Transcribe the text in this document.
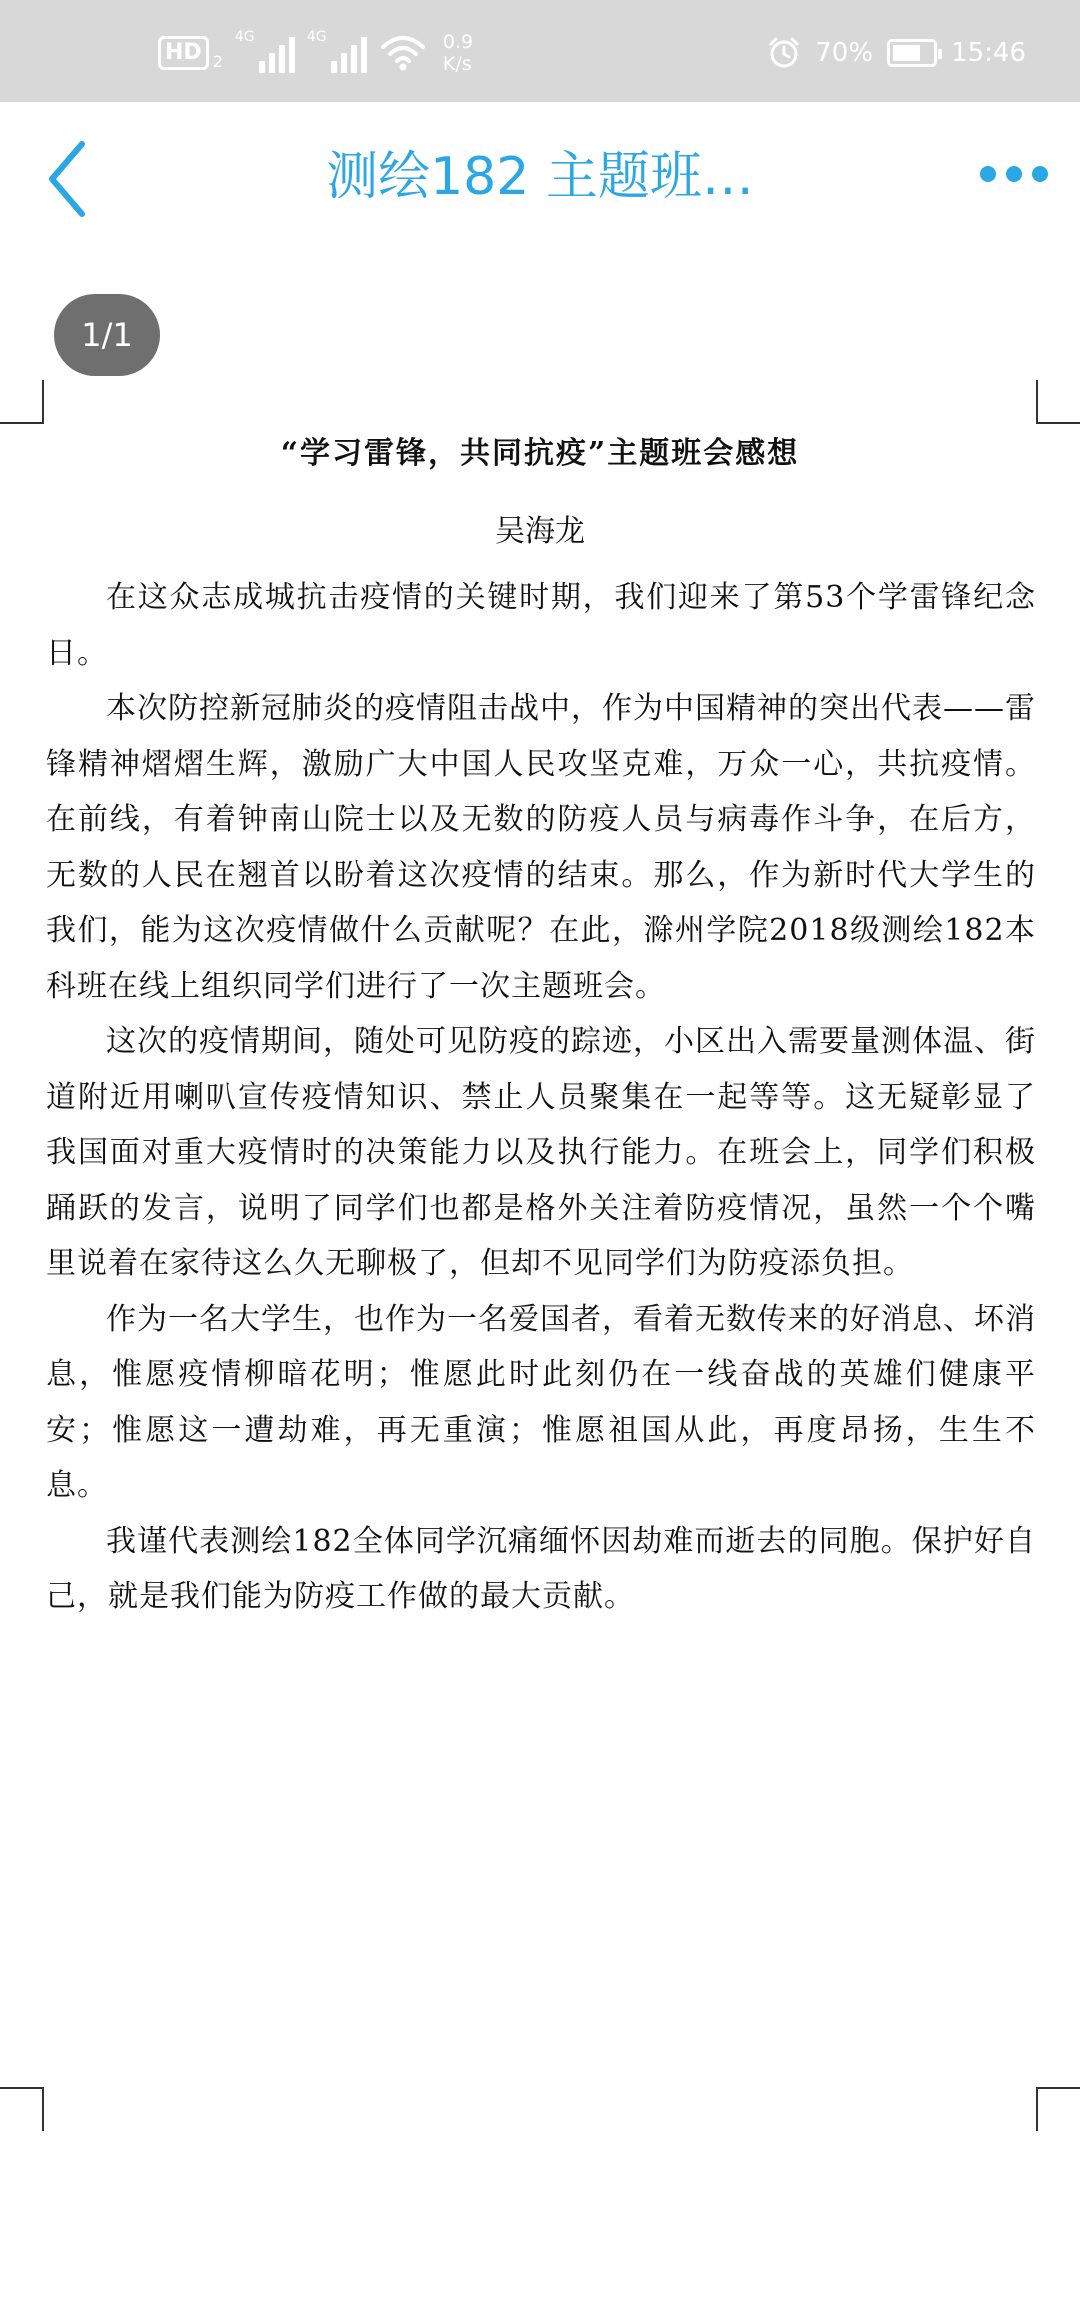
HD 2
4G	4G	0.9
K/s	70%	15:46
测绘182 主题班…
1/1
“学习雷锋，共同抗疫”主题班会感想
吴海龙

在这众志成城抗击疫情的关键时期，我们迎来了第53个学雷锋纪念日。

本次防控新冠肺炎的疫情阻击战中，作为中国精神的突出代表——雷锋精神熠熠生辉，激励广大中国人民攻坚克难，万众一心，共抗疫情。在前线，有着钟南山院士以及无数的防疫人员与病毒作斗争，在后方，无数的人民在翘首以盼着这次疫情的结束。那么，作为新时代大学生的我们，能为这次疫情做什么贡献呢？在此，滁州学院2018级测绘182本科班在线上组织同学们进行了一次主题班会。

这次的疫情期间，随处可见防疫的踪迹，小区出入需要量测体温、街道附近用喇叭宣传疫情知识、禁止人员聚集在一起等等。这无疑彰显了我国面对重大疫情时的决策能力以及执行能力。在班会上，同学们积极踊跃的发言，说明了同学们也都是格外关注着防疫情况，虽然一个个嘴里说着在家待这么久无聊极了，但却不见同学们为防疫添负担。

作为一名大学生，也作为一名爱国者，看着无数传来的好消息、坏消息，惟愿疫情柳暗花明；惟愿此时此刻仍在一线奋战的英雄们健康平安；惟愿这一遭劫难，再无重演；惟愿祖国从此，再度昂扬，生生不息。

我谨代表测绘182全体同学沉痛缅怀因劫难而逝去的同胞。保护好自己，就是我们能为防疫工作做的最大贡献。
